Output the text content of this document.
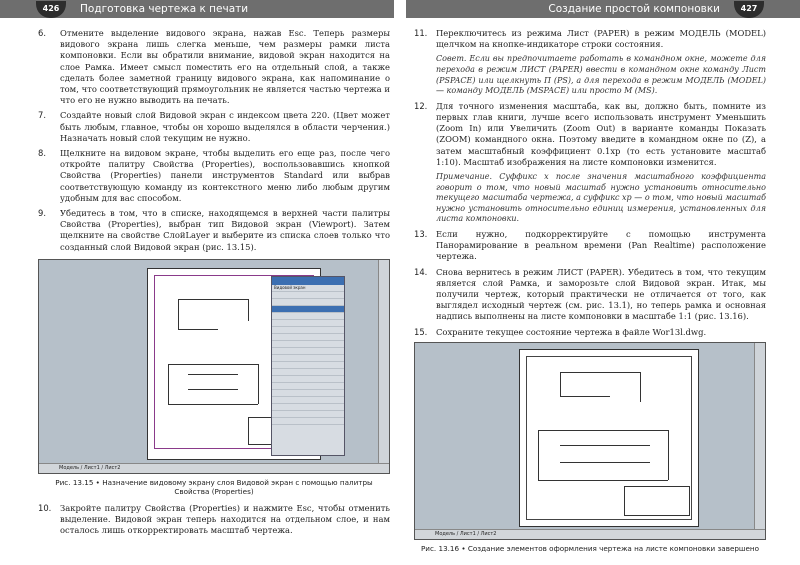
426	Подготовка чертежа к печати	Создание простой компоновки	427
6. Отмените выделение видового экрана, нажав Esc. Теперь размеры видового экрана лишь слегка меньше, чем размеры рамки листа компоновки. Если вы обратили внимание, видовой экран находится на слое Рамка. Имеет смысл поместить его на отдельный слой, а также сделать более заметной границу видового экрана, как напоминание о том, что соответствующий прямоугольник не является частью чертежа и что его не нужно выводить на печать.
7. Создайте новый слой Видовой экран с индексом цвета 220. (Цвет может быть любым, главное, чтобы он хорошо выделялся в области черчения.) Назначать новый слой текущим не нужно.
8. Щелкните на видовом экране, чтобы выделить его еще раз, после чего откройте палитру Свойства (Properties), воспользовавшись кнопкой Свойства (Properties) панели инструментов Standard или выбрав соответствующую команду из контекстного меню либо любым другим удобным для вас способом.
9. Убедитесь в том, что в списке, находящемся в верхней части палитры Свойства (Properties), выбран тип Видовой экран (Viewport). Затем щелкните на свойстве СлойLayer и выберите из списка слоев только что созданный слой Видовой экран (рис. 13.15).
Видовой экран
Модель / Лист1 / Лист2
Рис. 13.15 • Назначение видовому экрану слоя Видовой экран с помощью палитры Свойства (Properties)
10. Закройте палитру Свойства (Properties) и нажмите Esc, чтобы отменить выделение. Видовой экран теперь находится на отдельном слое, и нам осталось лишь откорректировать масштаб чертежа.
11. Переключитесь из режима Лист (PAPER) в режим МОДЕЛЬ (MODEL) щелчком на кнопке-индикаторе строки состояния.
Совет. Если вы предпочитаете работать в командном окне, можете для перехода в режим ЛИСТ (PAPER) ввести в командном окне команду Лист (PSPACE) или щелкнуть П (PS), а для перехода в режим МОДЕЛЬ (MODEL) — команду МОДЕЛЬ (MSPACE) или просто М (MS).
12. Для точного изменения масштаба, как вы, должно быть, помните из первых глав книги, лучше всего использовать инструмент Уменьшить (Zoom In) или Увеличить (Zoom Out) в варианте команды Показать (ZOOM) командного окна. Поэтому введите в командном окне по (Z), а затем масштабный коэффициент 0.1xp (то есть установите масштаб 1:10). Масштаб изображения на листе компоновки изменится.
Примечание. Суффикс x после значения масштабного коэффициента говорит о том, что новый масштаб нужно установить относительно текущего масштаба чертежа, а суффикс xp — о том, что новый масштаб нужно установить относительно единиц измерения, установленных для листа компоновки.
13. Если нужно, подкорректируйте с помощью инструмента Панорамирование в реальном времени (Pan Realtime) расположение чертежа.
14. Снова вернитесь в режим ЛИСТ (PAPER). Убедитесь в том, что текущим является слой Рамка, и заморозьте слой Видовой экран. Итак, мы получили чертеж, который практически не отличается от того, как выглядел исходный чертеж (см. рис. 13.1), но теперь рамка и основная надпись выполнены на листе компоновки в масштабе 1:1 (рис. 13.16).
15. Сохраните текущее состояние чертежа в файле Wor13l.dwg.
Модель / Лист1 / Лист2
Рис. 13.16 • Создание элементов оформления чертежа на листе компоновки завершено
